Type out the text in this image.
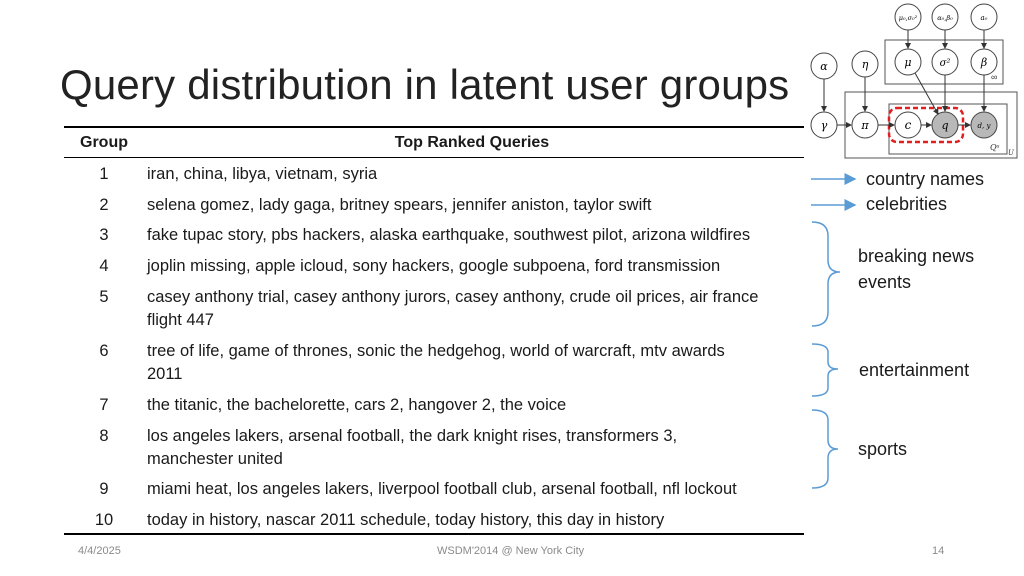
Query distribution in latent user groups	∞
Qᵘ
U
μ₀,σ₀²	α₀,β₀	a₀
α	η	μ	σ²	β
γ	π	c	q	d, y
Group	Top Ranked Queries
1	iran, china, libya, vietnam, syria
2	selena gomez, lady gaga, britney spears, jennifer aniston, taylor swift
3	fake tupac story, pbs hackers, alaska earthquake, southwest pilot, arizona wildfires
4	joplin missing, apple icloud, sony hackers, google subpoena, ford transmission
5	casey anthony trial, casey anthony jurors, casey anthony, crude oil prices, air france
flight 447
6	tree of life, game of thrones, sonic the hedgehog, world of warcraft, mtv awards
2011
7	the titanic, the bachelorette, cars 2, hangover 2, the voice
8	los angeles lakers, arsenal football, the dark knight rises, transformers 3,
manchester united
9	miami heat, los angeles lakers, liverpool football club, arsenal football, nfl lockout
10	today in history, nascar 2011 schedule, today history, this day in history
country names
celebrities
breaking news
events
entertainment
sports
4/4/2025	WSDM'2014 @ New York City	14
